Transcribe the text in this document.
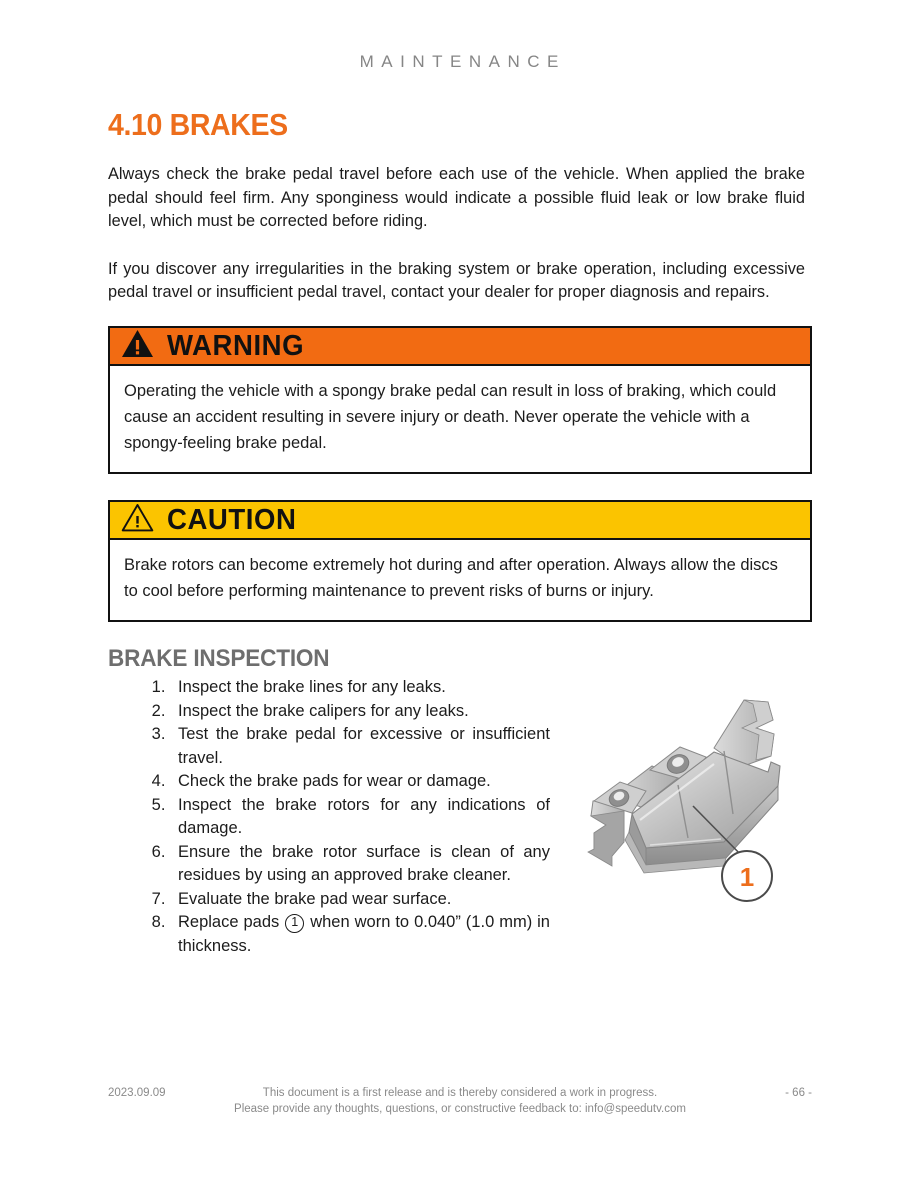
MAINTENANCE
4.10 BRAKES

Always check the brake pedal travel before each use of the vehicle. When applied the brake pedal should feel firm. Any sponginess would indicate a possible fluid leak or low brake fluid level, which must be corrected before riding.

If you discover any irregularities in the braking system or brake operation, including excessive pedal travel or insufficient pedal travel, contact your dealer for proper diagnosis and repairs.

WARNING
Operating the vehicle with a spongy brake pedal can result in loss of braking, which could cause an accident resulting in severe injury or death. Never operate the vehicle with a spongy-feeling brake pedal.
CAUTION
Brake rotors can become extremely hot during and after operation. Always allow the discs to cool before performing maintenance to prevent risks of burns or injury.
BRAKE INSPECTION
1. Inspect the brake lines for any leaks.
2. Inspect the brake calipers for any leaks.
3. Test the brake pedal for excessive or insufficient travel.
4. Check the brake pads for wear or damage.
5. Inspect the brake rotors for any indications of damage.
6. Ensure the brake rotor surface is clean of any residues by using an approved brake cleaner.
7. Evaluate the brake pad wear surface.
8. Replace pads 1 when worn to 0.040” (1.0 mm) in thickness.
1
2023.09.09	This document is a first release and is thereby considered a work in progress.	- 66 -
Please provide any thoughts, questions, or constructive feedback to: info@speedutv.com
